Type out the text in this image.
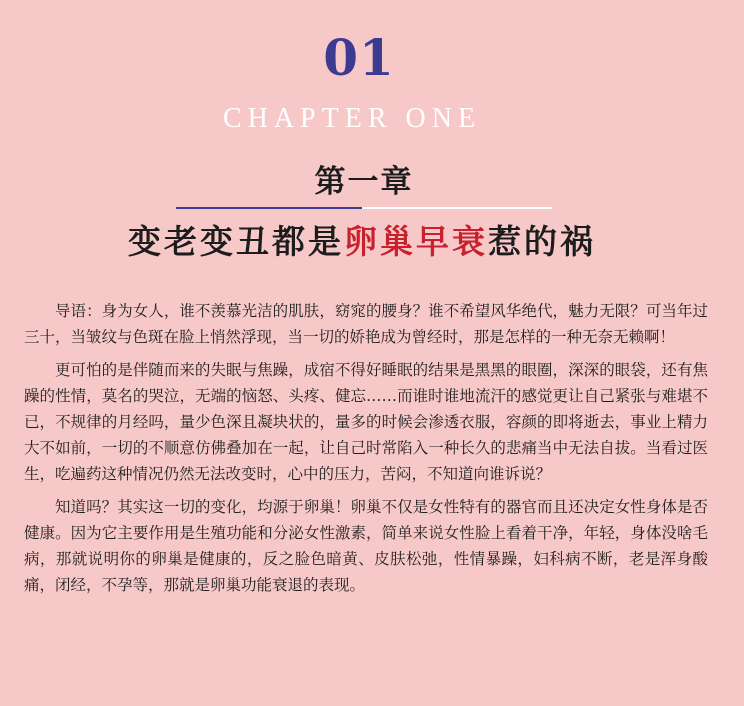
01
CHAPTER ONE
第一章
变老变丑都是卵巢早衰惹的祸

导语：身为女人，谁不羡慕光洁的肌肤，窈窕的腰身？谁不希望风华绝代，魅力无限？可当年过三十，当皱纹与色斑在脸上悄然浮现，当一切的娇艳成为曾经时，那是怎样的一种无奈无赖啊！

更可怕的是伴随而来的失眠与焦躁，成宿不得好睡眠的结果是黑黑的眼圈，深深的眼袋，还有焦躁的性情，莫名的哭泣，无端的恼怒、头疼、健忘……而谁时谁地流汗的感觉更让自己紧张与难堪不已，不规律的月经吗，量少色深且凝块状的，量多的时候会渗透衣服，容颜的即将逝去，事业上精力大不如前，一切的不顺意仿佛叠加在一起，让自己时常陷入一种长久的悲痛当中无法自拔。当看过医生，吃遍药这种情况仍然无法改变时，心中的压力，苦闷，不知道向谁诉说？

知道吗？其实这一切的变化，均源于卵巢！卵巢不仅是女性特有的器官而且还决定女性身体是否健康。因为它主要作用是生殖功能和分泌女性激素，简单来说女性脸上看着干净，年轻，身体没啥毛病，那就说明你的卵巢是健康的，反之脸色暗黄、皮肤松弛，性情暴躁，妇科病不断，老是浑身酸痛，闭经，不孕等，那就是卵巢功能衰退的表现。
